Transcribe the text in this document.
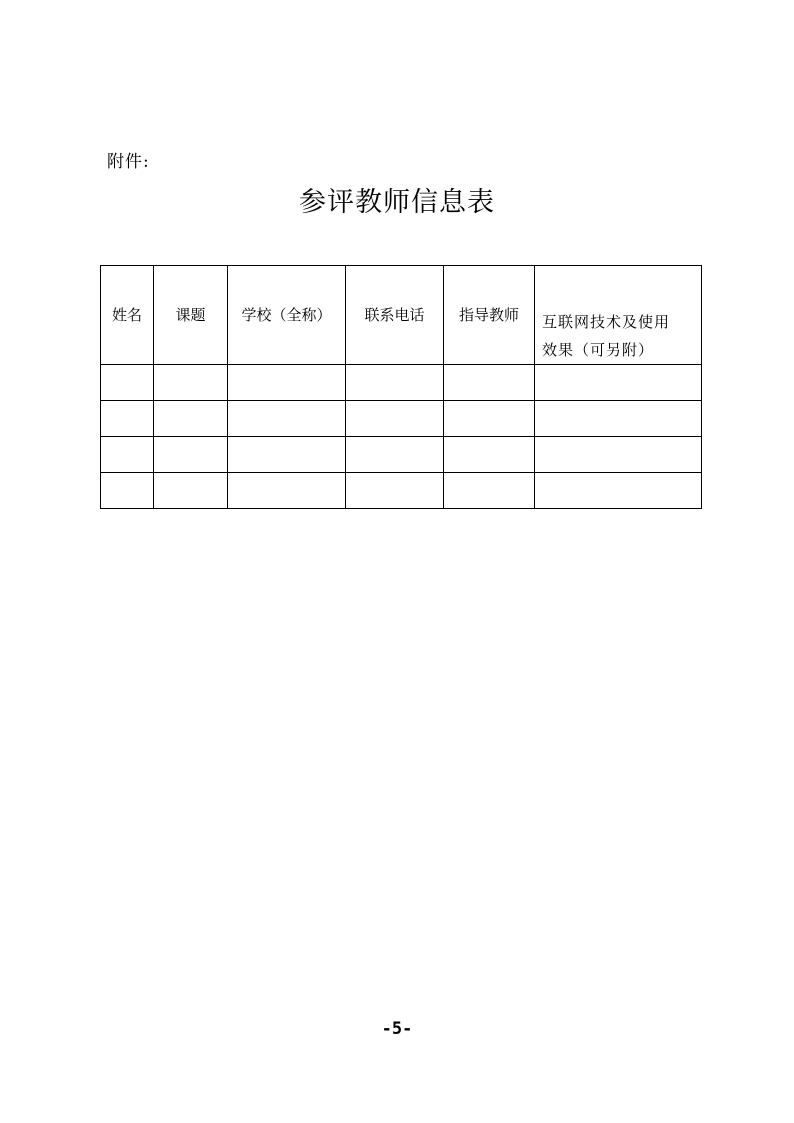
附件:
参评教师信息表
姓名	课题	学校（全称）	联系电话	指导教师	互联网技术及使用
效果（可另附）

-5-
